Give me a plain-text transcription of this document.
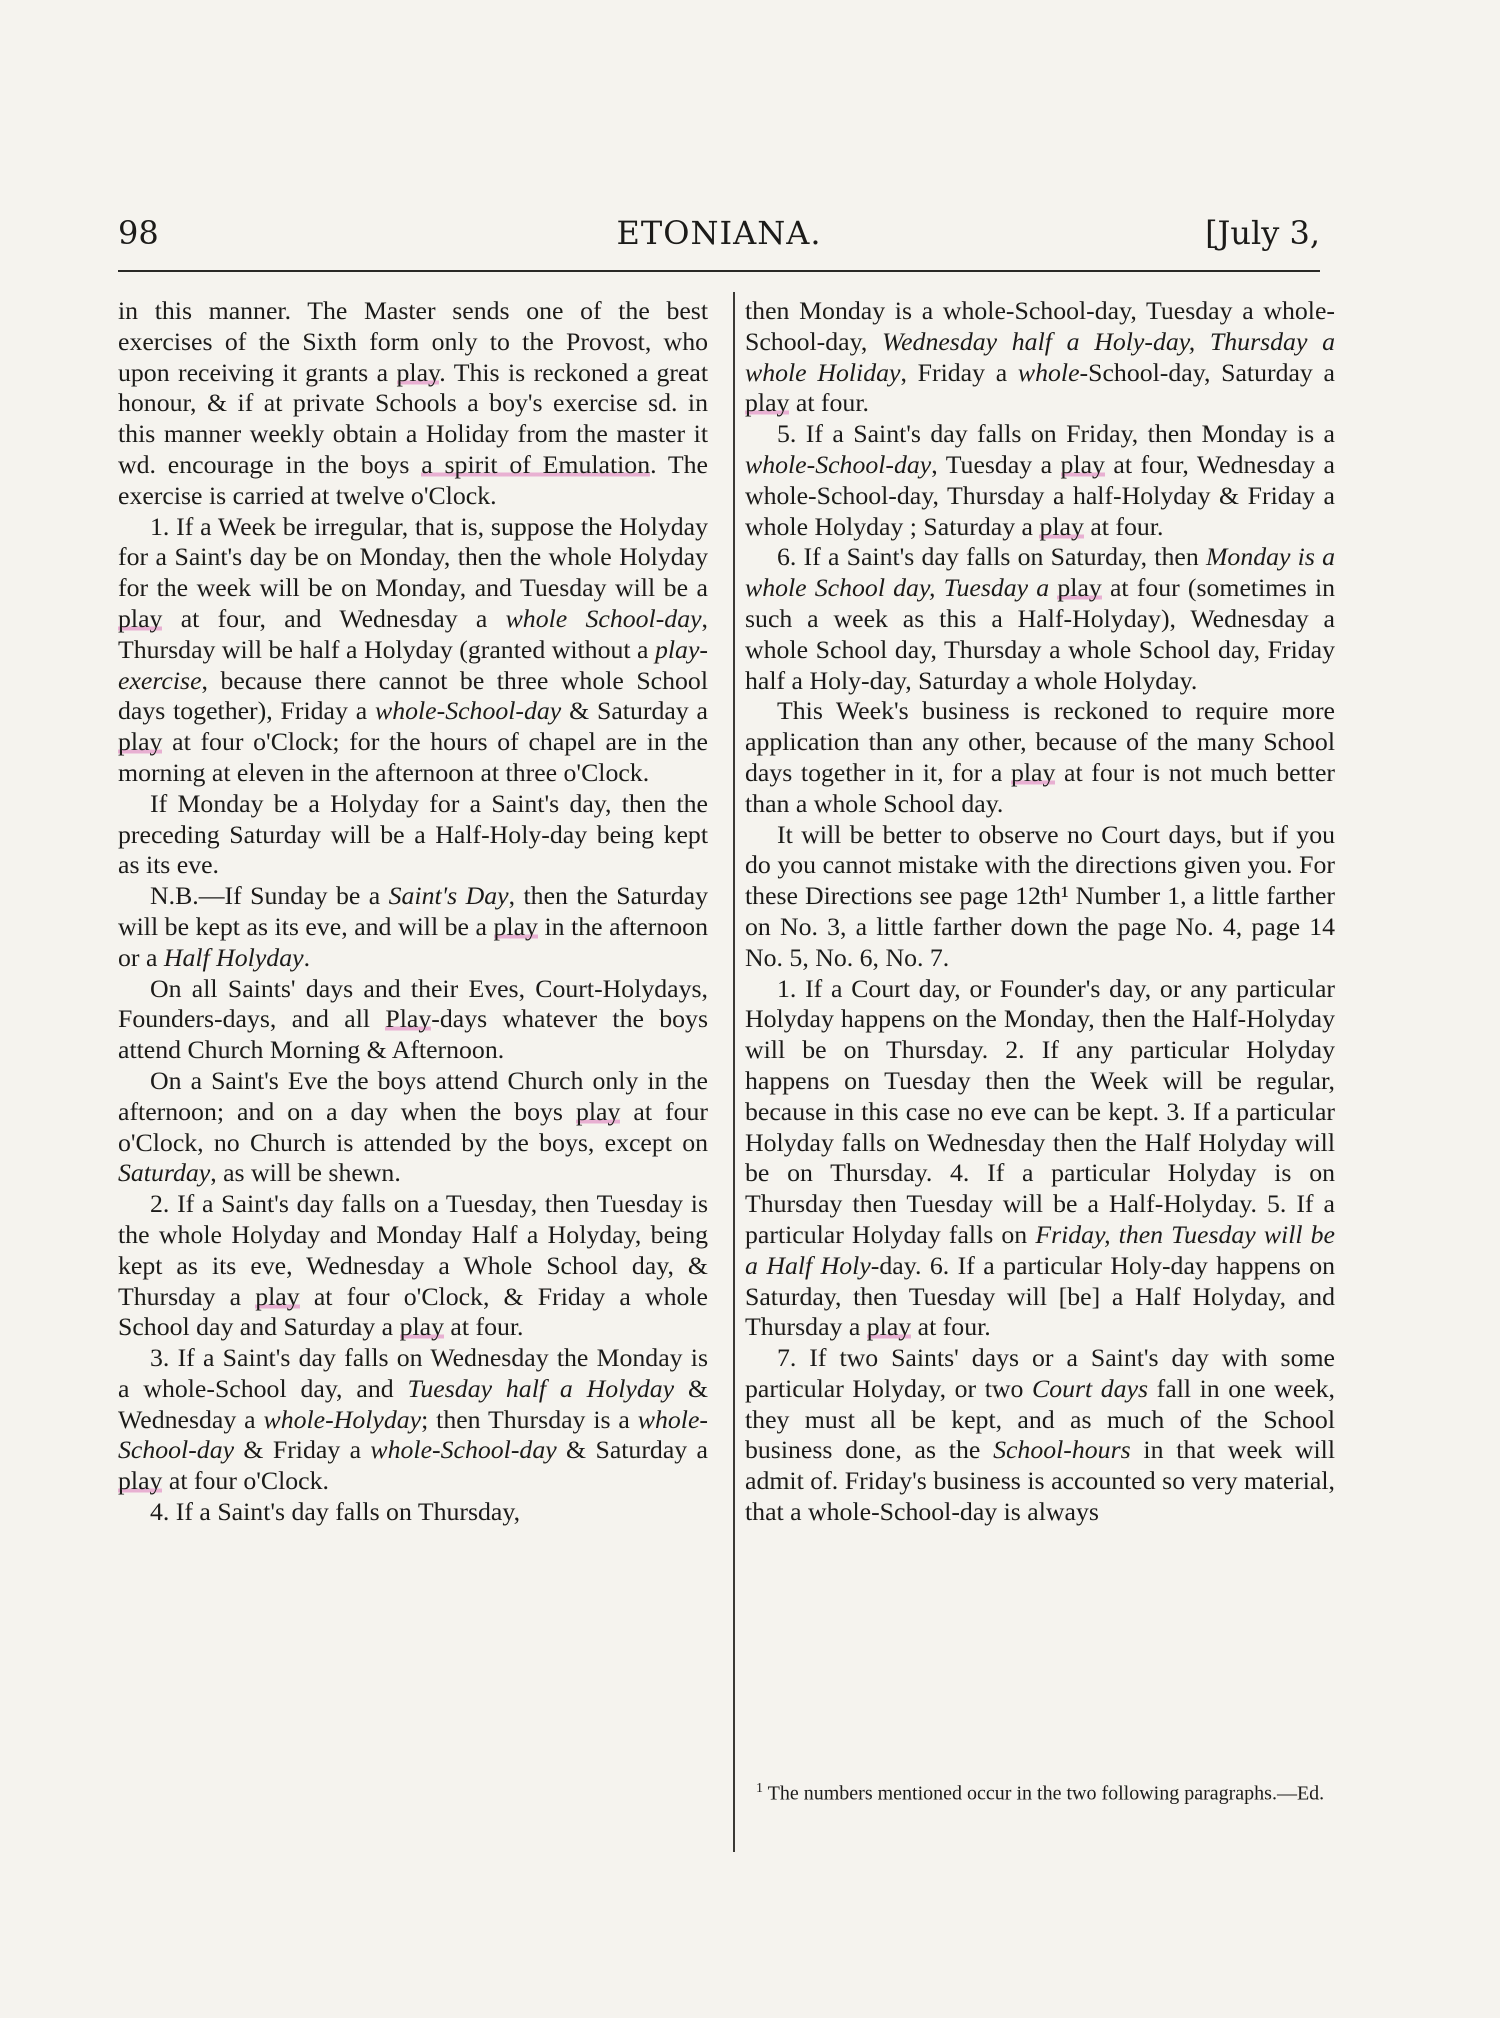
98	ETONIANA.	[July 3,

in this manner. The Master sends one of the best exercises of the Sixth form only to the Provost, who upon receiving it grants a play. This is reckoned a great honour, & if at private Schools a boy's exercise sd. in this manner weekly obtain a Holiday from the master it wd. encourage in the boys a spirit of Emulation. The exercise is carried at twelve o'Clock.

1. If a Week be irregular, that is, suppose the Holyday for a Saint's day be on Monday, then the whole Holyday for the week will be on Monday, and Tuesday will be a play at four, and Wednesday a whole School-day, Thursday will be half a Holyday (granted without a play-exercise, because there cannot be three whole School days together), Friday a whole-School-day & Saturday a play at four o'Clock; for the hours of chapel are in the morning at eleven in the afternoon at three o'Clock.

If Monday be a Holyday for a Saint's day, then the preceding Saturday will be a Half-Holy-day being kept as its eve.

N.B.—If Sunday be a Saint's Day, then the Saturday will be kept as its eve, and will be a play in the afternoon or a Half Holyday.

On all Saints' days and their Eves, Court-Holydays, Founders-days, and all Play-days whatever the boys attend Church Morning & Afternoon.

On a Saint's Eve the boys attend Church only in the afternoon; and on a day when the boys play at four o'Clock, no Church is attended by the boys, except on Saturday, as will be shewn.

2. If a Saint's day falls on a Tuesday, then Tuesday is the whole Holyday and Monday Half a Holyday, being kept as its eve, Wednesday a Whole School day, & Thursday a play at four o'Clock, & Friday a whole School day and Saturday a play at four.

3. If a Saint's day falls on Wednesday the Monday is a whole-School day, and Tuesday half a Holyday & Wednesday a whole-Holyday; then Thursday is a whole-School-day & Friday a whole-School-day & Saturday a play at four o'Clock.

4. If a Saint's day falls on Thursday,

then Monday is a whole-School-day, Tuesday a whole-School-day, Wednesday half a Holy-day, Thursday a whole Holiday, Friday a whole-School-day, Saturday a play at four.

5. If a Saint's day falls on Friday, then Monday is a whole-School-day, Tuesday a play at four, Wednesday a whole-School-day, Thursday a half-Holyday & Friday a whole Holyday ; Saturday a play at four.

6. If a Saint's day falls on Saturday, then Monday is a whole School day, Tuesday a play at four (sometimes in such a week as this a Half-Holyday), Wednesday a whole School day, Thursday a whole School day, Friday half a Holy-day, Saturday a whole Holyday.

This Week's business is reckoned to require more application than any other, because of the many School days together in it, for a play at four is not much better than a whole School day.

It will be better to observe no Court days, but if you do you cannot mistake with the directions given you. For these Directions see page 12th¹ Number 1, a little farther on No. 3, a little farther down the page No. 4, page 14 No. 5, No. 6, No. 7.

1. If a Court day, or Founder's day, or any particular Holyday happens on the Monday, then the Half-Holyday will be on Thursday. 2. If any particular Holyday happens on Tuesday then the Week will be regular, because in this case no eve can be kept. 3. If a particular Holyday falls on Wednesday then the Half Holyday will be on Thursday. 4. If a particular Holyday is on Thursday then Tuesday will be a Half-Holyday. 5. If a particular Holyday falls on Friday, then Tuesday will be a Half Holy-day. 6. If a particular Holy-day happens on Saturday, then Tuesday will [be] a Half Holyday, and Thursday a play at four.

7. If two Saints' days or a Saint's day with some particular Holyday, or two Court days fall in one week, they must all be kept, and as much of the School business done, as the School-hours in that week will admit of. Friday's business is accounted so very material, that a whole-School-day is always

$^1$ The numbers mentioned occur in the two following paragraphs.—Ed.
